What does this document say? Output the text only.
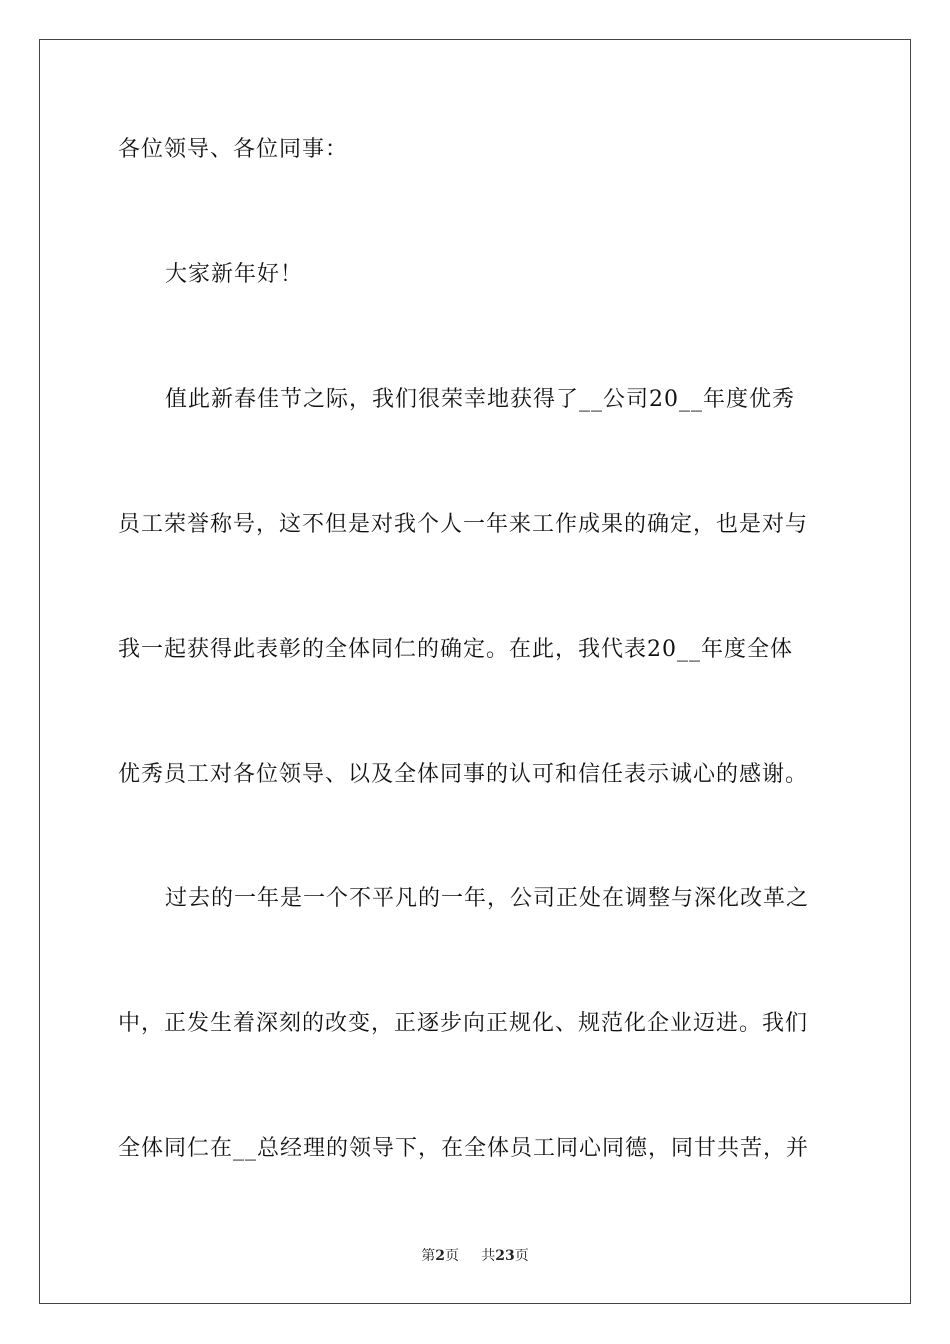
各位领导、各位同事：
大家新年好！
值此新春佳节之际，我们很荣幸地获得了__公司20__年度优秀
员工荣誉称号，这不但是对我个人一年来工作成果的确定，也是对与
我一起获得此表彰的全体同仁的确定。在此，我代表20__年度全体
优秀员工对各位领导、以及全体同事的认可和信任表示诚心的感谢。
过去的一年是一个不平凡的一年，公司正处在调整与深化改革之
中，正发生着深刻的改变，正逐步向正规化、规范化企业迈进。我们
全体同仁在__总经理的领导下，在全体员工同心同德，同甘共苦，并
第2页 共23页
